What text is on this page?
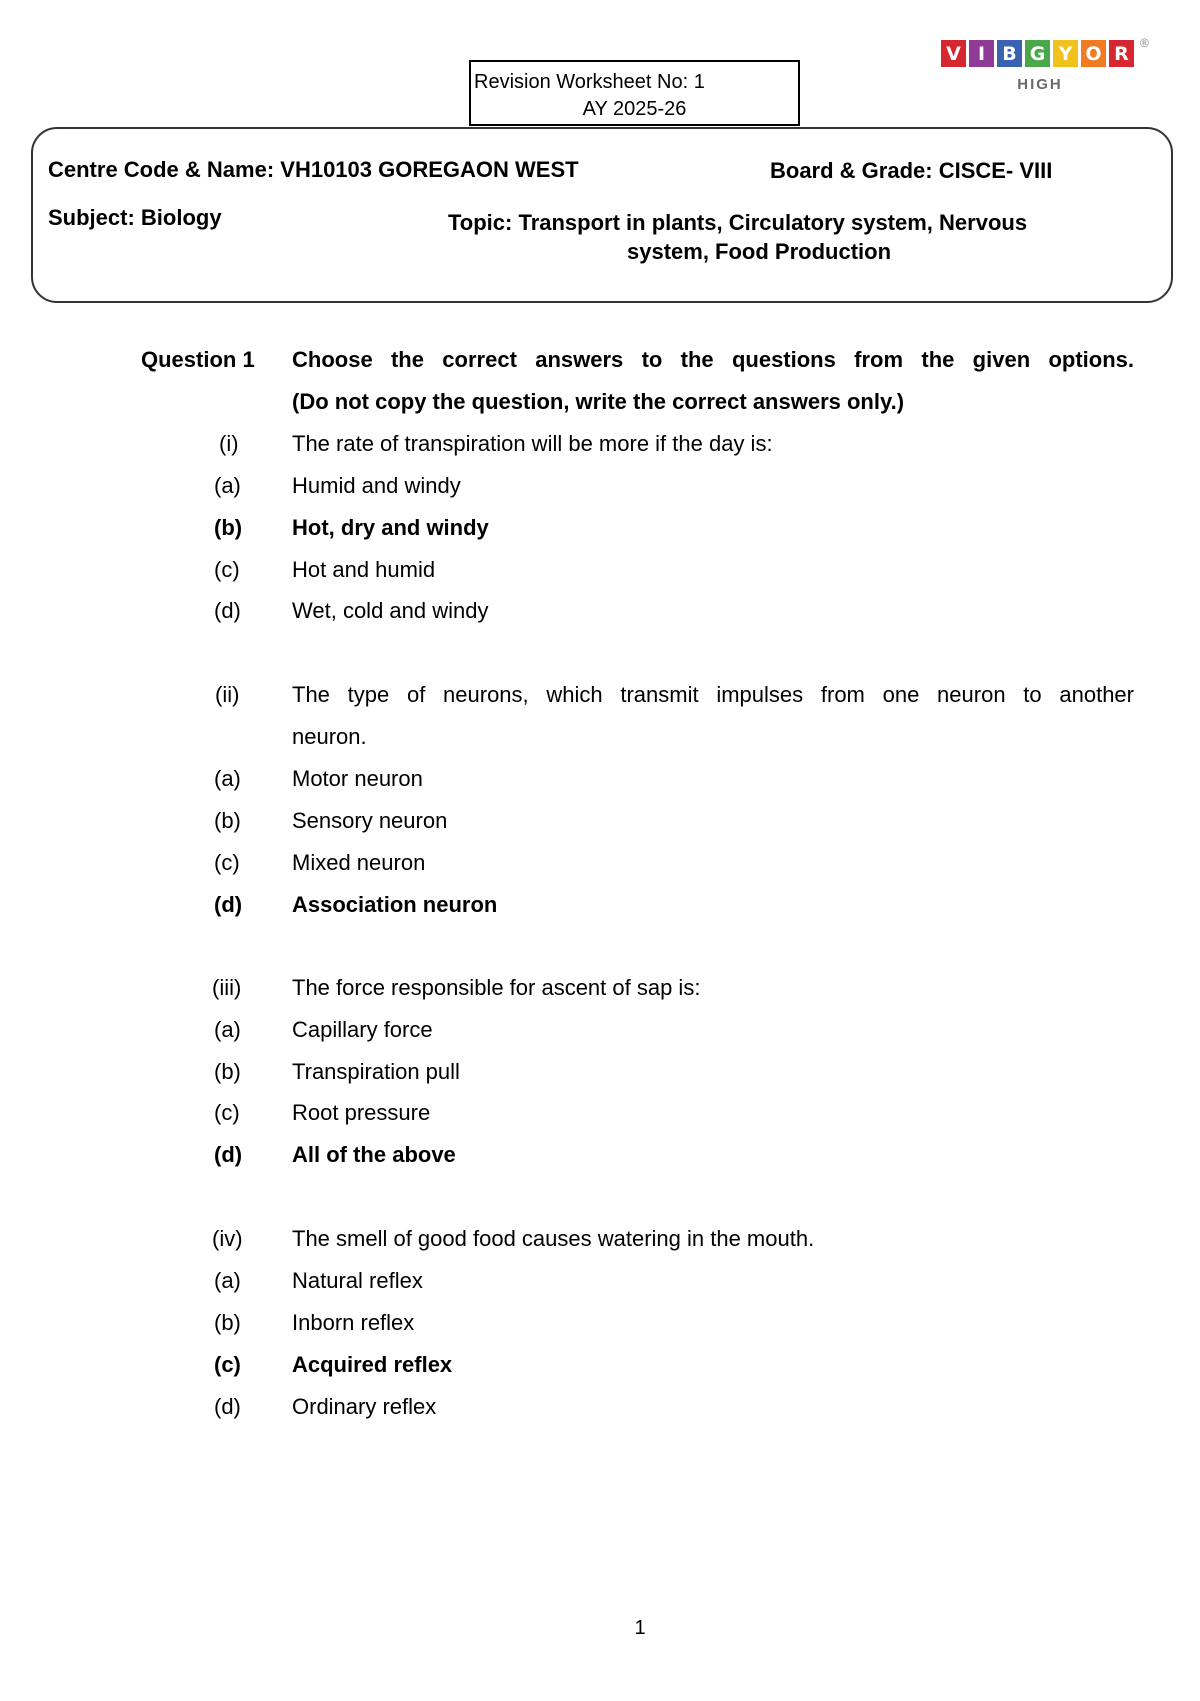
Revision Worksheet No: 1
AY 2025-26
V I B G Y O R ®
HIGH
Centre Code & Name: VH10103 GOREGAON WEST	Board & Grade: CISCE- VIII
Subject: Biology	Topic: Transport in plants, Circulatory system, Nervous
system, Food Production
Question 1 Choose the correct answers to the questions from the given options.
(Do not copy the question, write the correct answers only.)
(i) The rate of transpiration will be more if the day is:
(a) Humid and windy
(b) Hot, dry and windy
(c) Hot and humid
(d) Wet, cold and windy
(ii) The type of neurons, which transmit impulses from one neuron to another
neuron.
(a) Motor neuron
(b) Sensory neuron
(c) Mixed neuron
(d) Association neuron
(iii) The force responsible for ascent of sap is:
(a) Capillary force
(b) Transpiration pull
(c) Root pressure
(d) All of the above
(iv) The smell of good food causes watering in the mouth.
(a) Natural reflex
(b) Inborn reflex
(c) Acquired reflex
(d) Ordinary reflex
1
